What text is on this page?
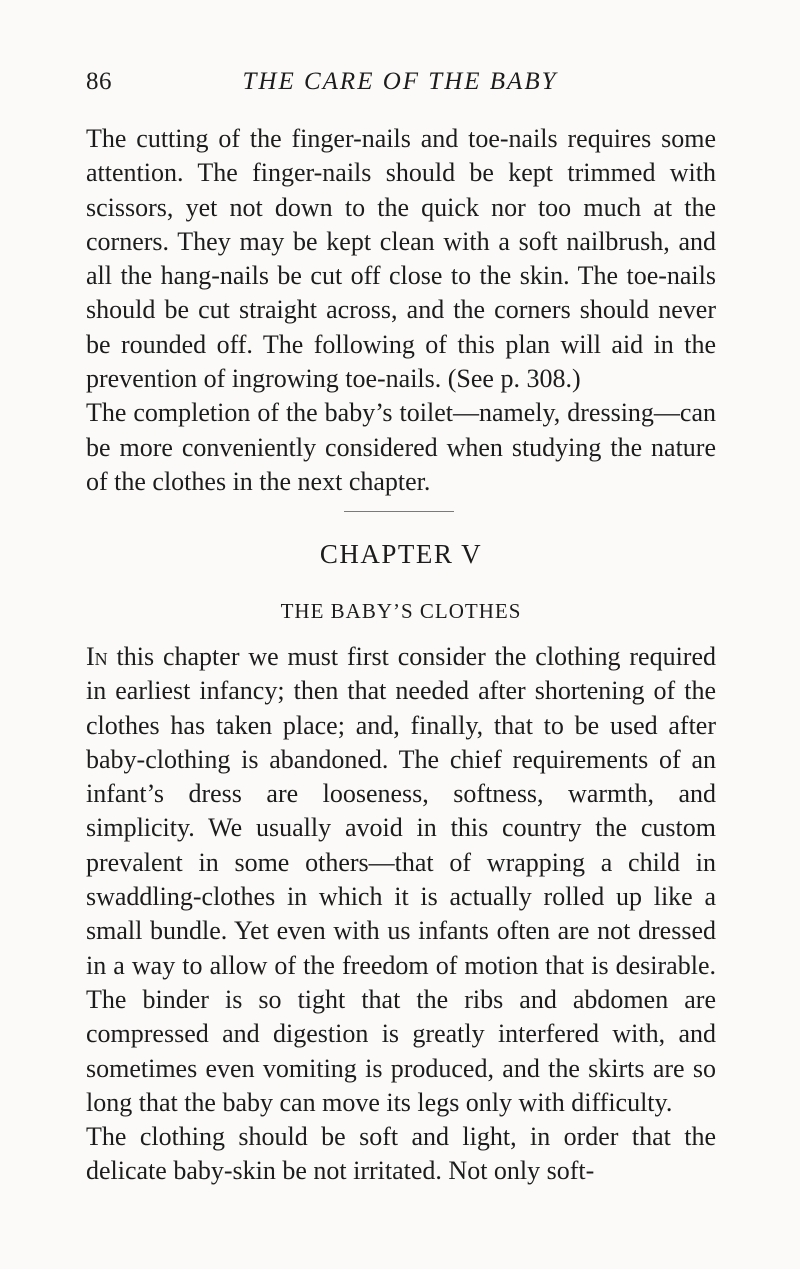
86	THE CARE OF THE BABY

The cutting of the finger-nails and toe-nails requires some attention. The finger-nails should be kept trimmed with scissors, yet not down to the quick nor too much at the corners. They may be kept clean with a soft nailbrush, and all the hang-nails be cut off close to the skin. The toe-nails should be cut straight across, and the corners should never be rounded off. The following of this plan will aid in the prevention of ingrowing toe-nails. (See p. 308.)

The completion of the baby’s toilet—namely, dressing—can be more conveniently considered when studying the nature of the clothes in the next chapter.

CHAPTER V
THE BABY’S CLOTHES

In this chapter we must first consider the clothing required in earliest infancy; then that needed after shortening of the clothes has taken place; and, finally, that to be used after baby-clothing is abandoned. The chief requirements of an infant’s dress are looseness, softness, warmth, and simplicity. We usually avoid in this country the custom prevalent in some others—that of wrapping a child in swaddling-clothes in which it is actually rolled up like a small bundle. Yet even with us infants often are not dressed in a way to allow of the freedom of motion that is desirable. The binder is so tight that the ribs and abdomen are compressed and digestion is greatly interfered with, and sometimes even vomiting is produced, and the skirts are so long that the baby can move its legs only with difficulty.

The clothing should be soft and light, in order that the delicate baby-skin be not irritated. Not only soft-
